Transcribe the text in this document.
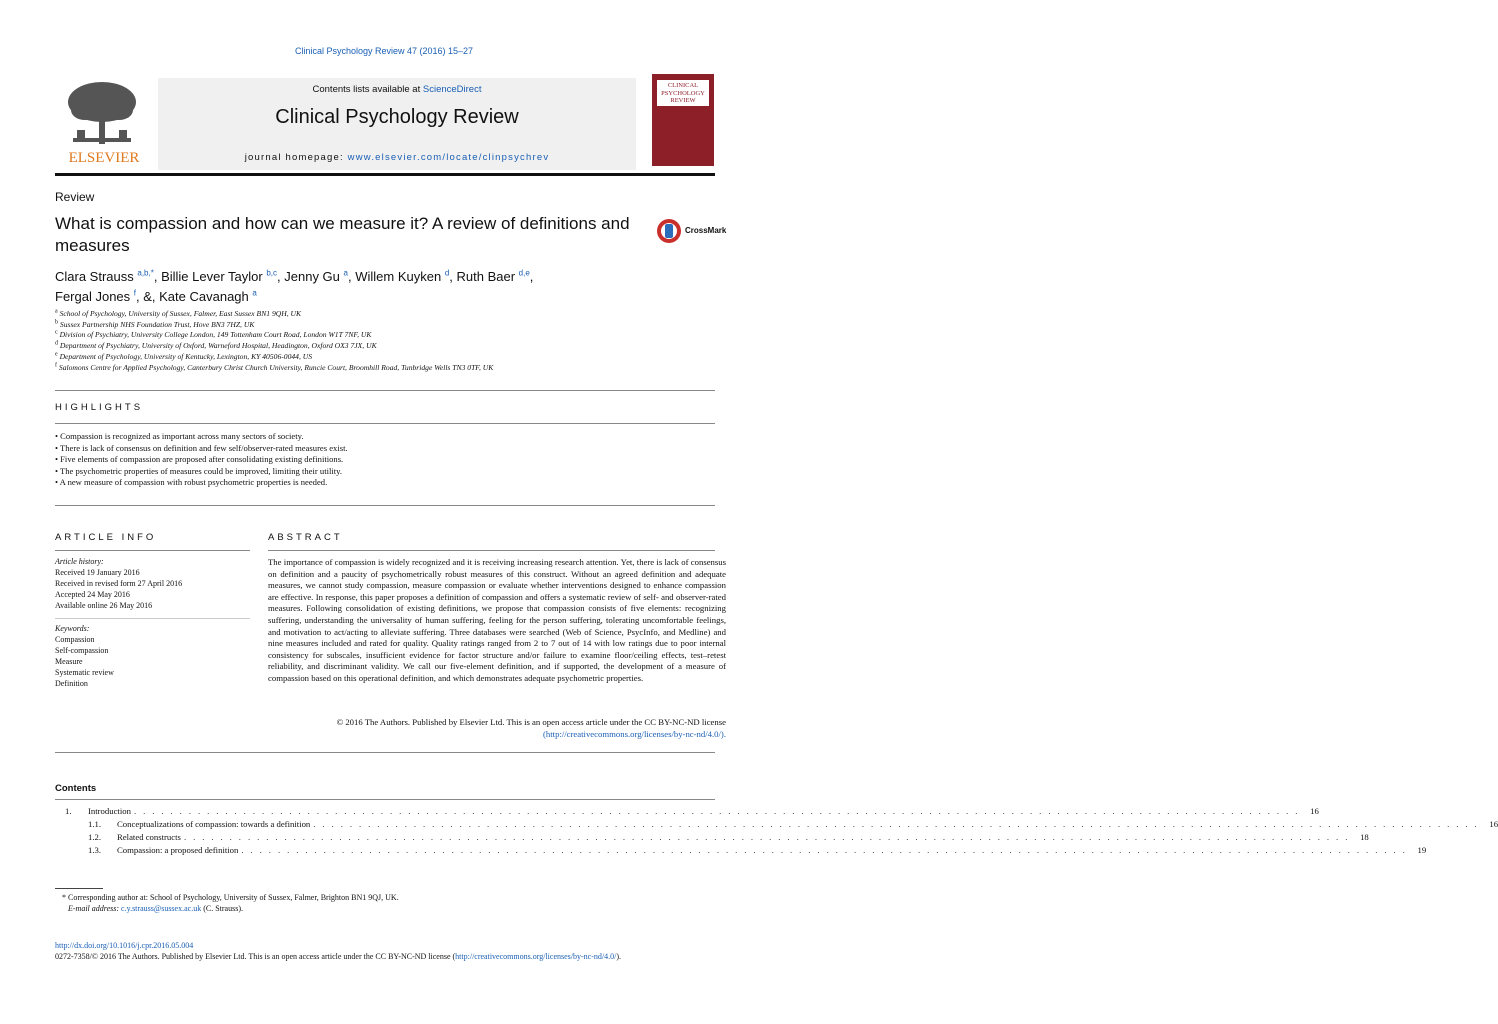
Clinical Psychology Review 47 (2016) 15–27
ELSEVIER
Contents lists available at ScienceDirect
Clinical Psychology Review
journal homepage: www.elsevier.com/locate/clinpsychrev
CLINICAL
PSYCHOLOGY
REVIEW
Review
What is compassion and how can we measure it? A review of definitions and measures
CrossMark
Clara Strauss $^{a,b,*}$, Billie Lever Taylor $^{b,c}$, Jenny Gu $^a$, Willem Kuyken $^d$, Ruth Baer $^{d,e}$,
Fergal Jones $^f$, &, Kate Cavanagh $^a$
$^a$ School of Psychology, University of Sussex, Falmer, East Sussex BN1 9QH, UK
$^b$ Sussex Partnership NHS Foundation Trust, Hove BN3 7HZ, UK
$^c$ Division of Psychiatry, University College London, 149 Tottenham Court Road, London W1T 7NF, UK
$^d$ Department of Psychiatry, University of Oxford, Warneford Hospital, Headington, Oxford OX3 7JX, UK
$^e$ Department of Psychology, University of Kentucky, Lexington, KY 40506-0044, US
$^f$ Salomons Centre for Applied Psychology, Canterbury Christ Church University, Runcie Court, Broomhill Road, Tunbridge Wells TN3 0TF, UK
HIGHLIGHTS
• Compassion is recognized as important across many sectors of society.
• There is lack of consensus on definition and few self/observer-rated measures exist.
• Five elements of compassion are proposed after consolidating existing definitions.
• The psychometric properties of measures could be improved, limiting their utility.
• A new measure of compassion with robust psychometric properties is needed.
ARTICLE INFO
Article history:
Received 19 January 2016
Received in revised form 27 April 2016
Accepted 24 May 2016
Available online 26 May 2016
Keywords:
Compassion
Self-compassion
Measure
Systematic review
Definition
ABSTRACT
The importance of compassion is widely recognized and it is receiving increasing research attention. Yet, there is lack of consensus on definition and a paucity of psychometrically robust measures of this construct. Without an agreed definition and adequate measures, we cannot study compassion, measure compassion or evaluate whether interventions designed to enhance compassion are effective. In response, this paper proposes a definition of compassion and offers a systematic review of self- and observer-rated measures. Following consolidation of existing definitions, we propose that compassion consists of five elements: recognizing suffering, understanding the universality of human suffering, feeling for the person suffering, tolerating uncomfortable feelings, and motivation to act/acting to alleviate suffering. Three databases were searched (Web of Science, PsycInfo, and Medline) and nine measures included and rated for quality. Quality ratings ranged from 2 to 7 out of 14 with low ratings due to poor internal consistency for subscales, insufficient evidence for factor structure and/or failure to examine floor/ceiling effects, test–retest reliability, and discriminant validity. We call our five-element definition, and if supported, the development of a measure of compassion based on this operational definition, and which demonstrates adequate psychometric properties.
© 2016 The Authors. Published by Elsevier Ltd. This is an open access article under the CC BY-NC-ND license
(http://creativecommons.org/licenses/by-nc-nd/4.0/).
Contents
1.	Introduction . . . . . . . . . . . . . . . . . . . . . . . . . . . . . . . . . . . . . . . . . . . . . . . . . . . . . . . . . . . . . . . . . . . . . . . . . . . . . . . . . . . . . . . . . . . . . . . . . . . . . . . . . . . . . . . . . . . . . . . . . . . . . . . .	16
1.1.	Conceptualizations of compassion: towards a definition . . . . . . . . . . . . . . . . . . . . . . . . . . . . . . . . . . . . . . . . . . . . . . . . . . . . . . . . . . . . . . . . . . . . . . . . . . . . . . . . . . . . . . . . . . . . . . . . . . . . . . . . . . . . . . . . . . . . . . . . . . . . . . . .	16
1.2.	Related constructs . . . . . . . . . . . . . . . . . . . . . . . . . . . . . . . . . . . . . . . . . . . . . . . . . . . . . . . . . . . . . . . . . . . . . . . . . . . . . . . . . . . . . . . . . . . . . . . . . . . . . . . . . . . . . . . . . . . . . . . . . . . . . . . .	18
1.3.	Compassion: a proposed definition . . . . . . . . . . . . . . . . . . . . . . . . . . . . . . . . . . . . . . . . . . . . . . . . . . . . . . . . . . . . . . . . . . . . . . . . . . . . . . . . . . . . . . . . . . . . . . . . . . . . . . . . . . . . . . . . . . . . . . . . . . . . . . . .	19
* Corresponding author at: School of Psychology, University of Sussex, Falmer, Brighton BN1 9QJ, UK.
E-mail address: c.y.strauss@sussex.ac.uk (C. Strauss).
http://dx.doi.org/10.1016/j.cpr.2016.05.004
0272-7358/© 2016 The Authors. Published by Elsevier Ltd. This is an open access article under the CC BY-NC-ND license (http://creativecommons.org/licenses/by-nc-nd/4.0/).
